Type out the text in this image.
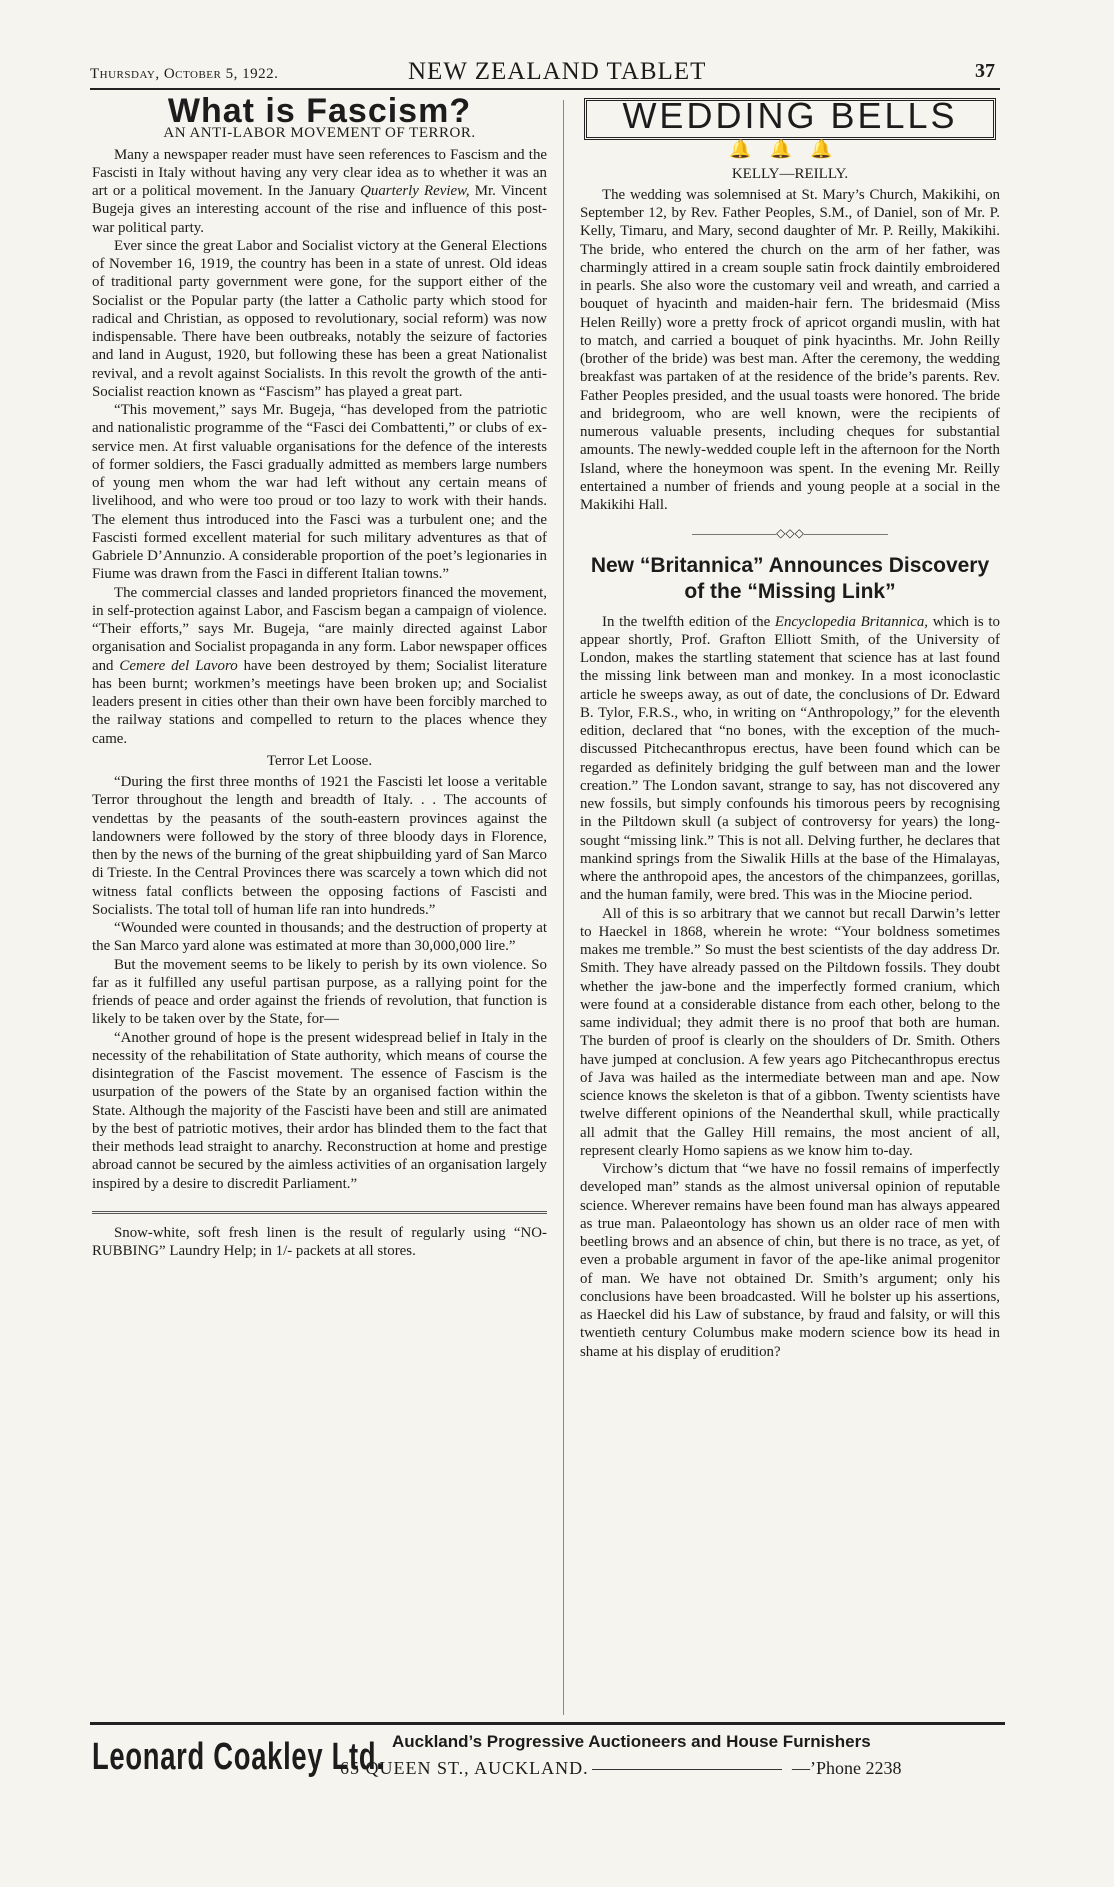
Thursday, October 5, 1922.	NEW ZEALAND TABLET	37
What is Fascism?
AN ANTI-LABOR MOVEMENT OF TERROR.

Many a newspaper reader must have seen references to Fascism and the Fascisti in Italy without having any very clear idea as to whether it was an art or a political movement. In the January Quarterly Review, Mr. Vincent Bugeja gives an interesting account of the rise and influence of this post-war political party.

Ever since the great Labor and Socialist victory at the General Elections of November 16, 1919, the country has been in a state of unrest. Old ideas of traditional party government were gone, for the support either of the Socialist or the Popular party (the latter a Catholic party which stood for radical and Christian, as opposed to revolutionary, social reform) was now indispensable. There have been outbreaks, notably the seizure of factories and land in August, 1920, but following these has been a great Nationalist revival, and a revolt against Socialists. In this revolt the growth of the anti-Socialist reaction known as “Fascism” has played a great part.

“This movement,” says Mr. Bugeja, “has developed from the patriotic and nationalistic programme of the “Fasci dei Combattenti,” or clubs of ex-service men. At first valuable organisations for the defence of the interests of former soldiers, the Fasci gradually admitted as members large numbers of young men whom the war had left without any certain means of livelihood, and who were too proud or too lazy to work with their hands. The element thus introduced into the Fasci was a turbulent one; and the Fascisti formed excellent material for such military adventures as that of Gabriele D’Annunzio. A considerable proportion of the poet’s legionaries in Fiume was drawn from the Fasci in different Italian towns.”

The commercial classes and landed proprietors financed the movement, in self-protection against Labor, and Fascism began a campaign of violence. “Their efforts,” says Mr. Bugeja, “are mainly directed against Labor organisation and Socialist propaganda in any form. Labor newspaper offices and Cemere del Lavoro have been destroyed by them; Socialist literature has been burnt; workmen’s meetings have been broken up; and Socialist leaders present in cities other than their own have been forcibly marched to the railway stations and compelled to return to the places whence they came.

Terror Let Loose.

“During the first three months of 1921 the Fascisti let loose a veritable Terror throughout the length and breadth of Italy. . . The accounts of vendettas by the peasants of the south-eastern provinces against the landowners were followed by the story of three bloody days in Florence, then by the news of the burning of the great shipbuilding yard of San Marco di Trieste. In the Central Provinces there was scarcely a town which did not witness fatal conflicts between the opposing factions of Fascisti and Socialists. The total toll of human life ran into hundreds.”

“Wounded were counted in thousands; and the destruction of property at the San Marco yard alone was estimated at more than 30,000,000 lire.”

But the movement seems to be likely to perish by its own violence. So far as it fulfilled any useful partisan purpose, as a rallying point for the friends of peace and order against the friends of revolution, that function is likely to be taken over by the State, for—

“Another ground of hope is the present widespread belief in Italy in the necessity of the rehabilitation of State authority, which means of course the disintegration of the Fascist movement. The essence of Fascism is the usurpation of the powers of the State by an organised faction within the State. Although the majority of the Fascisti have been and still are animated by the best of patriotic motives, their ardor has blinded them to the fact that their methods lead straight to anarchy. Reconstruction at home and prestige abroad cannot be secured by the aimless activities of an organisation largely inspired by a desire to discredit Parliament.”

Snow-white, soft fresh linen is the result of regularly using “NO-RUBBING” Laundry Help; in 1/- packets at all stores.

WEDDING BELLS
🔔🔔🔔
KELLY—REILLY.

The wedding was solemnised at St. Mary’s Church, Makikihi, on September 12, by Rev. Father Peoples, S.M., of Daniel, son of Mr. P. Kelly, Timaru, and Mary, second daughter of Mr. P. Reilly, Makikihi. The bride, who entered the church on the arm of her father, was charmingly attired in a cream souple satin frock daintily embroidered in pearls. She also wore the customary veil and wreath, and carried a bouquet of hyacinth and maiden-hair fern. The bridesmaid (Miss Helen Reilly) wore a pretty frock of apricot organdi muslin, with hat to match, and carried a bouquet of pink hyacinths. Mr. John Reilly (brother of the bride) was best man. After the ceremony, the wedding breakfast was partaken of at the residence of the bride’s parents. Rev. Father Peoples presided, and the usual toasts were honored. The bride and bridegroom, who are well known, were the recipients of numerous valuable presents, including cheques for substantial amounts. The newly-wedded couple left in the afternoon for the North Island, where the honeymoon was spent. In the evening Mr. Reilly entertained a number of friends and young people at a social in the Makikihi Hall.

———————◇◇◇———————
New “Britannica” Announces Discovery of the “Missing Link”

In the twelfth edition of the Encyclopedia Britannica, which is to appear shortly, Prof. Grafton Elliott Smith, of the University of London, makes the startling statement that science has at last found the missing link between man and monkey. In a most iconoclastic article he sweeps away, as out of date, the conclusions of Dr. Edward B. Tylor, F.R.S., who, in writing on “Anthropology,” for the eleventh edition, declared that “no bones, with the exception of the much-discussed Pitchecanthropus erectus, have been found which can be regarded as definitely bridging the gulf between man and the lower creation.” The London savant, strange to say, has not discovered any new fossils, but simply confounds his timorous peers by recognising in the Piltdown skull (a subject of controversy for years) the long-sought “missing link.” This is not all. Delving further, he declares that mankind springs from the Siwalik Hills at the base of the Himalayas, where the anthropoid apes, the ancestors of the chimpanzees, gorillas, and the human family, were bred. This was in the Miocine period.

All of this is so arbitrary that we cannot but recall Darwin’s letter to Haeckel in 1868, wherein he wrote: “Your boldness sometimes makes me tremble.” So must the best scientists of the day address Dr. Smith. They have already passed on the Piltdown fossils. They doubt whether the jaw-bone and the imperfectly formed cranium, which were found at a considerable distance from each other, belong to the same individual; they admit there is no proof that both are human. The burden of proof is clearly on the shoulders of Dr. Smith. Others have jumped at conclusion. A few years ago Pitchecanthropus erectus of Java was hailed as the intermediate between man and ape. Now science knows the skeleton is that of a gibbon. Twenty scientists have twelve different opinions of the Neanderthal skull, while practically all admit that the Galley Hill remains, the most ancient of all, represent clearly Homo sapiens as we know him to-day.

Virchow’s dictum that “we have no fossil remains of imperfectly developed man” stands as the almost universal opinion of reputable science. Wherever remains have been found man has always appeared as true man. Palaeontology has shown us an older race of men with beetling brows and an absence of chin, but there is no trace, as yet, of even a probable argument in favor of the ape-like animal progenitor of man. We have not obtained Dr. Smith’s argument; only his conclusions have been broadcasted. Will he bolster up his assertions, as Haeckel did his Law of substance, by fraud and falsity, or will this twentieth century Columbus make modern science bow its head in shame at his display of erudition?

Leonard Coakley Ltd. Auckland’s Progressive Auctioneers and House Furnishers
65 QUEEN ST., AUCKLAND.	—’Phone 2238
